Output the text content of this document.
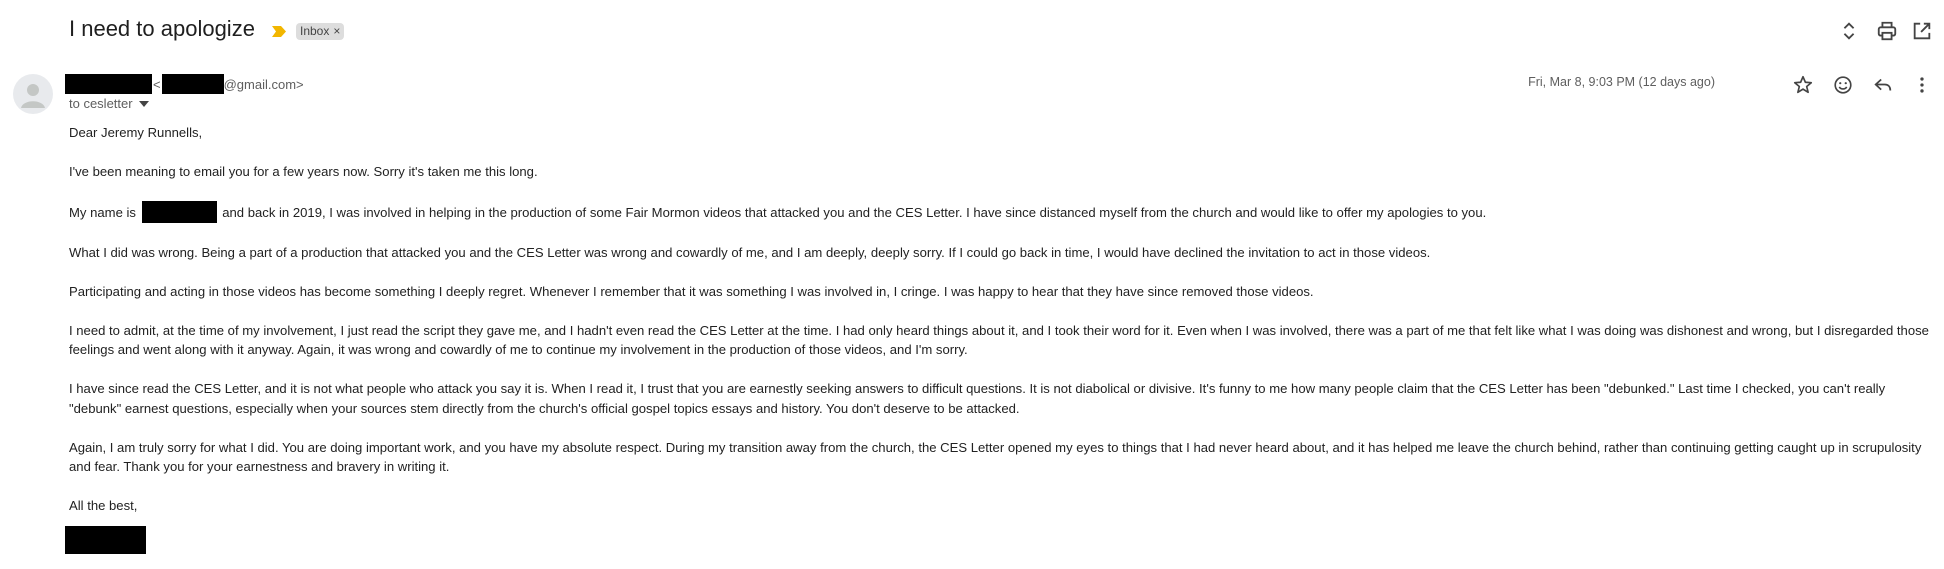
I need to apologize	Inbox ×
<	@gmail.com>
to cesletter
Fri, Mar 8, 9:03 PM (12 days ago)

Dear Jeremy Runnells,

I've been meaning to email you for a few years now. Sorry it's taken me this long.

My name is	and back in 2019, I was involved in helping in the production of some Fair Mormon videos that attacked you and the CES Letter. I have since distanced myself from the church and would like to offer my apologies to you.

What I did was wrong. Being a part of a production that attacked you and the CES Letter was wrong and cowardly of me, and I am deeply, deeply sorry. If I could go back in time, I would have declined the invitation to act in those videos.

Participating and acting in those videos has become something I deeply regret. Whenever I remember that it was something I was involved in, I cringe. I was happy to hear that they have since removed those videos.

I need to admit, at the time of my involvement, I just read the script they gave me, and I hadn't even read the CES Letter at the time. I had only heard things about it, and I took their word for it. Even when I was involved, there was a part of me that felt like what I was doing was dishonest and wrong, but I disregarded those feelings and went along with it anyway. Again, it was wrong and cowardly of me to continue my involvement in the production of those videos, and I'm sorry.

I have since read the CES Letter, and it is not what people who attack you say it is. When I read it, I trust that you are earnestly seeking answers to difficult questions. It is not diabolical or divisive. It's funny to me how many people claim that the CES Letter has been "debunked." Last time I checked, you can't really "debunk" earnest questions, especially when your sources stem directly from the church's official gospel topics essays and history. You don't deserve to be attacked.

Again, I am truly sorry for what I did. You are doing important work, and you have my absolute respect. During my transition away from the church, the CES Letter opened my eyes to things that I had never heard about, and it has helped me leave the church behind, rather than continuing getting caught up in scrupulosity and fear. Thank you for your earnestness and bravery in writing it.

All the best,
